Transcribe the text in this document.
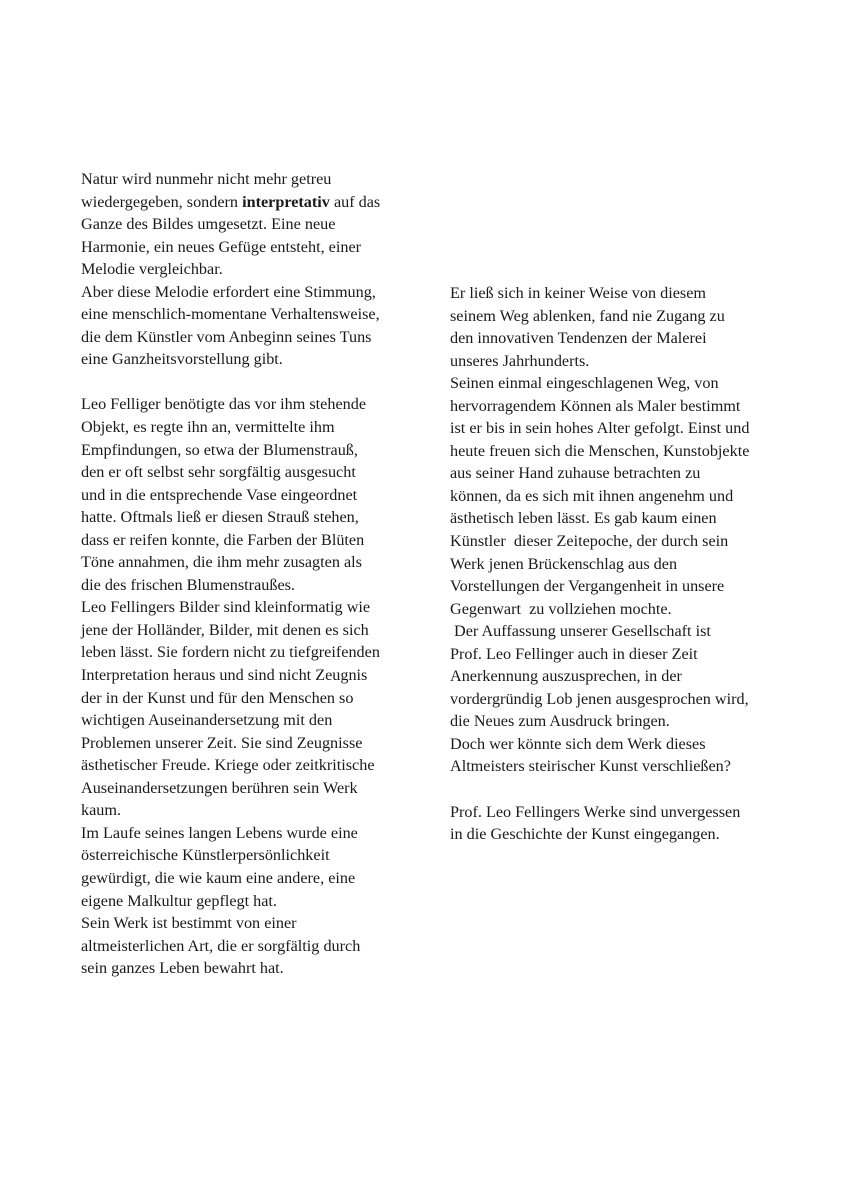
Natur wird nunmehr nicht mehr getreu
wiedergegeben, sondern interpretativ auf das
Ganze des Bildes umgesetzt. Eine neue
Harmonie, ein neues Gefüge entsteht, einer
Melodie vergleichbar.
Aber diese Melodie erfordert eine Stimmung,
eine menschlich-momentane Verhaltensweise,
die dem Künstler vom Anbeginn seines Tuns
eine Ganzheitsvorstellung gibt.
Leo Felliger benötigte das vor ihm stehende
Objekt, es regte ihn an, vermittelte ihm
Empfindungen, so etwa der Blumenstrauß,
den er oft selbst sehr sorgfältig ausgesucht
und in die entsprechende Vase eingeordnet
hatte. Oftmals ließ er diesen Strauß stehen,
dass er reifen konnte, die Farben der Blüten
Töne annahmen, die ihm mehr zusagten als
die des frischen Blumenstraußes.
Leo Fellingers Bilder sind kleinformatig wie
jene der Holländer, Bilder, mit denen es sich
leben lässt. Sie fordern nicht zu tiefgreifenden
Interpretation heraus und sind nicht Zeugnis
der in der Kunst und für den Menschen so
wichtigen Auseinandersetzung mit den
Problemen unserer Zeit. Sie sind Zeugnisse
ästhetischer Freude. Kriege oder zeitkritische
Auseinandersetzungen berühren sein Werk
kaum.
Im Laufe seines langen Lebens wurde eine
österreichische Künstlerpersönlichkeit
gewürdigt, die wie kaum eine andere, eine
eigene Malkultur gepflegt hat.
Sein Werk ist bestimmt von einer
altmeisterlichen Art, die er sorgfältig durch
sein ganzes Leben bewahrt hat.
Er ließ sich in keiner Weise von diesem
seinem Weg ablenken, fand nie Zugang zu
den innovativen Tendenzen der Malerei
unseres Jahrhunderts.
Seinen einmal eingeschlagenen Weg, von
hervorragendem Können als Maler bestimmt
ist er bis in sein hohes Alter gefolgt. Einst und
heute freuen sich die Menschen, Kunstobjekte
aus seiner Hand zuhause betrachten zu
können, da es sich mit ihnen angenehm und
ästhetisch leben lässt. Es gab kaum einen
Künstler  dieser Zeitepoche, der durch sein
Werk jenen Brückenschlag aus den
Vorstellungen der Vergangenheit in unsere
Gegenwart  zu vollziehen mochte.
Der Auffassung unserer Gesellschaft ist
Prof. Leo Fellinger auch in dieser Zeit
Anerkennung auszusprechen, in der
vordergründig Lob jenen ausgesprochen wird,
die Neues zum Ausdruck bringen.
Doch wer könnte sich dem Werk dieses
Altmeisters steirischer Kunst verschließen?
Prof. Leo Fellingers Werke sind unvergessen
in die Geschichte der Kunst eingegangen.
